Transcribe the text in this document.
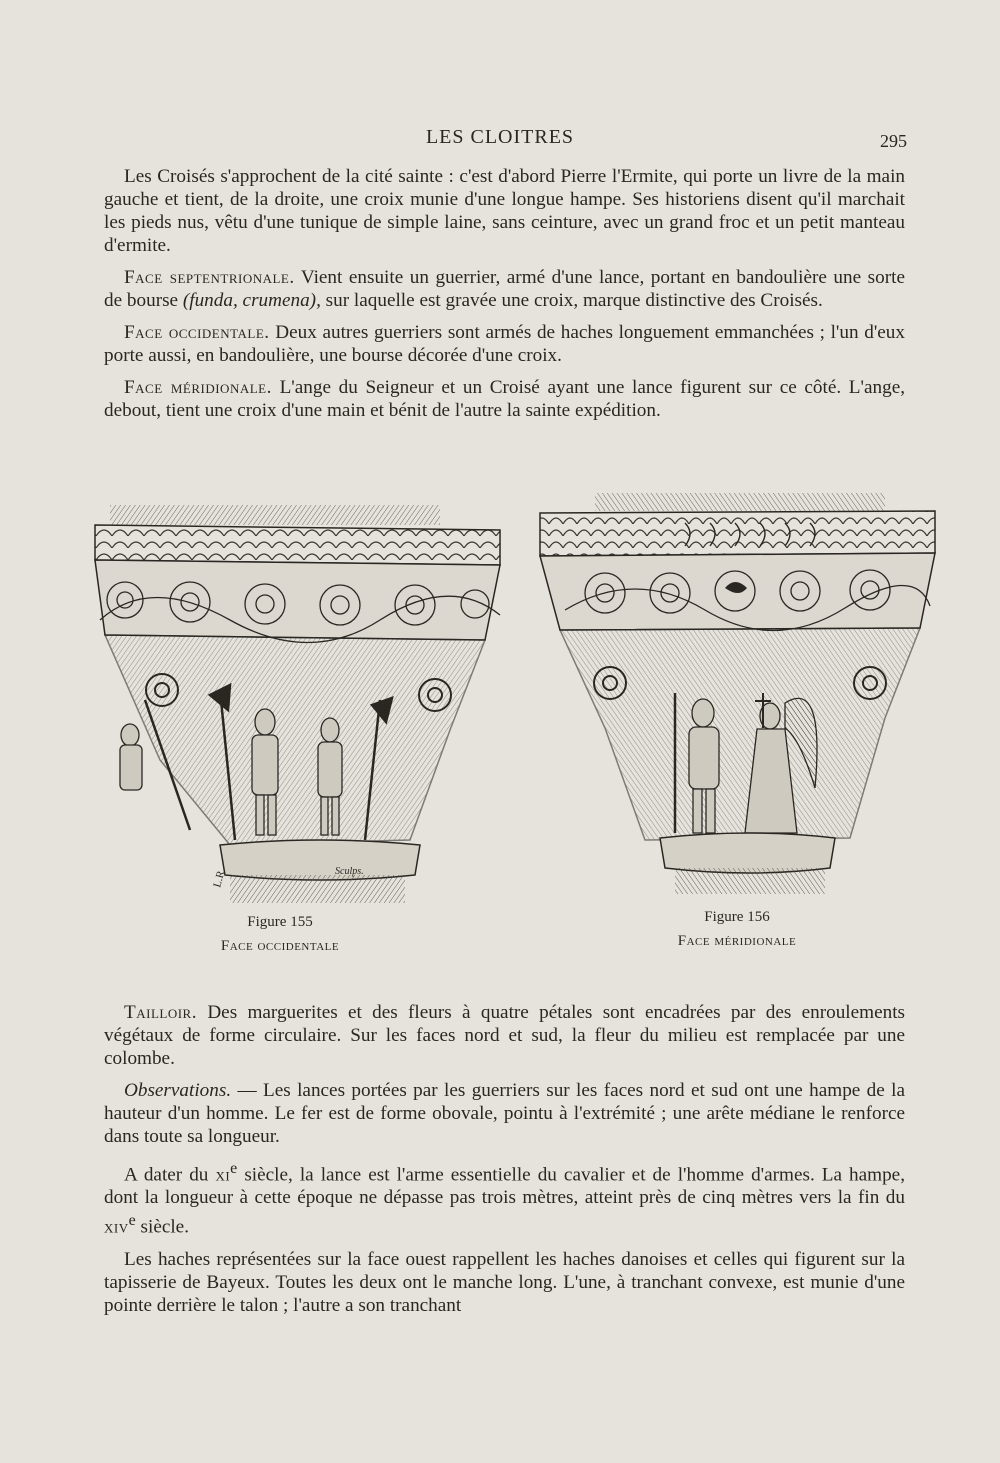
LES CLOITRES	295

Les Croisés s'approchent de la cité sainte : c'est d'abord Pierre l'Ermite, qui porte un livre de la main gauche et tient, de la droite, une croix munie d'une longue hampe. Ses historiens disent qu'il marchait les pieds nus, vêtu d'une tunique de simple laine, sans ceinture, avec un grand froc et un petit manteau d'ermite.

Face septentrionale. Vient ensuite un guerrier, armé d'une lance, portant en bandoulière une sorte de bourse (funda, crumena), sur laquelle est gravée une croix, marque distinctive des Croisés.

Face occidentale. Deux autres guerriers sont armés de haches longuement emmanchées ; l'un d'eux porte aussi, en bandoulière, une bourse décorée d'une croix.

Face méridionale. L'ange du Seigneur et un Croisé ayant une lance figurent sur ce côté. L'ange, debout, tient une croix d'une main et bénit de l'autre la sainte expédition.

L.R.	Sculps.
Figure 155
Face occidentale
Figure 156
Face méridionale

Tailloir. Des marguerites et des fleurs à quatre pétales sont encadrées par des enroulements végétaux de forme circulaire. Sur les faces nord et sud, la fleur du milieu est remplacée par une colombe.

Observations. — Les lances portées par les guerriers sur les faces nord et sud ont une hampe de la hauteur d'un homme. Le fer est de forme obovale, pointu à l'extrémité ; une arête médiane le renforce dans toute sa longueur.

A dater du $xi^e$ siècle, la lance est l'arme essentielle du cavalier et de l'homme d'armes. La hampe, dont la longueur à cette époque ne dépasse pas trois mètres, atteint près de cinq mètres vers la fin du xiv$^e$ siècle.

Les haches représentées sur la face ouest rappellent les haches danoises et celles qui figurent sur la tapisserie de Bayeux. Toutes les deux ont le manche long. L'une, à tranchant convexe, est munie d'une pointe derrière le talon ; l'autre a son tranchant
